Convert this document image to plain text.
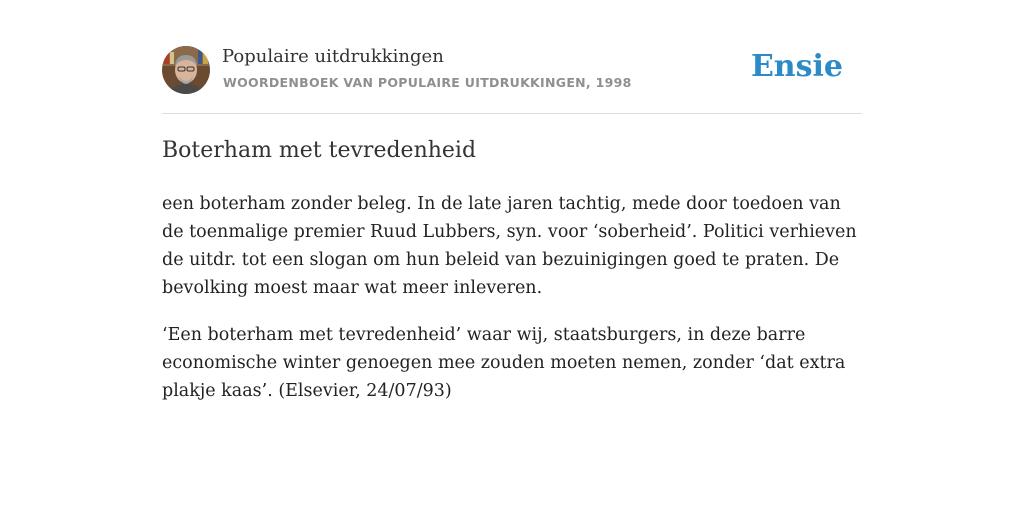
Populaire uitdrukkingen
WOORDENBOEK VAN POPULAIRE UITDRUKKINGEN, 1998	Ensie
Boterham met tevredenheid

een boterham zonder beleg. In de late jaren tachtig, mede door toedoen van de toenmalige premier Ruud Lubbers, syn. voor ‘soberheid’. Politici verhieven de uitdr. tot een slogan om hun beleid van bezuinigingen goed te praten. De bevolking moest maar wat meer inleveren.

‘Een boterham met tevredenheid’ waar wij, staatsburgers, in deze barre economische winter genoegen mee zouden moeten nemen, zonder ‘dat extra plakje kaas’. (Elsevier, 24/07/93)
